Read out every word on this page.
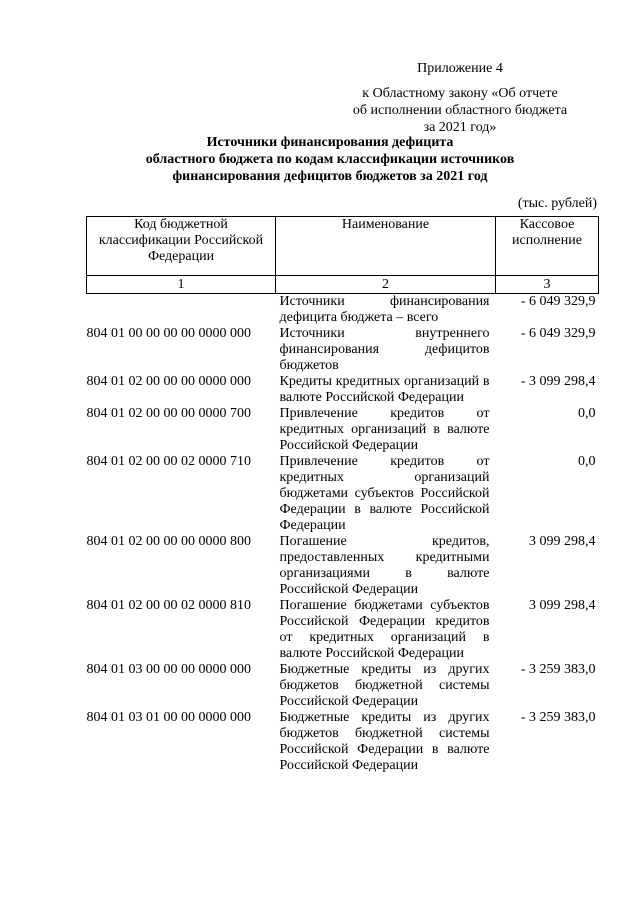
Приложение 4
к Областному закону «Об отчете
об исполнении областного бюджета
за 2021 год»
Источники финансирования дефицита
областного бюджета по кодам классификации источников
финансирования дефицитов бюджетов за 2021 год
(тыс. рублей)
Код бюджетной классификации Российской Федерации	Наименование	Кассовое исполнение
1	2	3
	Источники финансирования дефицита бюджета – всего	- 6 049 329,9
804 01 00 00 00 00 0000 000	Источники внутреннего финансирования дефицитов бюджетов	- 6 049 329,9
804 01 02 00 00 00 0000 000	Кредиты кредитных организаций в валюте Российской Федерации	- 3 099 298,4
804 01 02 00 00 00 0000 700	Привлечение кредитов от кредитных организаций в валюте Российской Федерации	0,0
804 01 02 00 00 02 0000 710	Привлечение кредитов от кредитных организаций бюджетами субъектов Российской Федерации в валюте Российской Федерации	0,0
804 01 02 00 00 00 0000 800	Погашение кредитов, предоставленных кредитными организациями в валюте Российской Федерации	3 099 298,4
804 01 02 00 00 02 0000 810	Погашение бюджетами субъектов Российской Федерации кредитов от кредитных организаций в валюте Российской Федерации	3 099 298,4
804 01 03 00 00 00 0000 000	Бюджетные кредиты из других бюджетов бюджетной системы Российской Федерации	- 3 259 383,0
804 01 03 01 00 00 0000 000	Бюджетные кредиты из других бюджетов бюджетной системы Российской Федерации в валюте Российской Федерации	- 3 259 383,0
